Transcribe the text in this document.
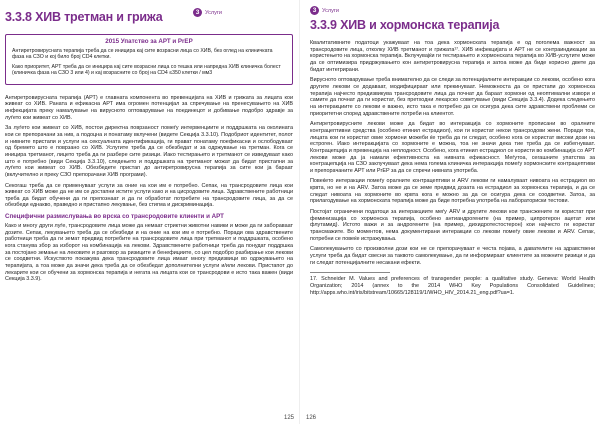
3.3.8 ХИВ третман и грижа	3	Услуги
2015 Упатство за АРТ и PrEP

Антиретровирусната терапија треба да се иницира кај сите возрасни лица со ХИВ, без оглед на клиничката фаза на СЗО и кој било број CD4 клетки.

Како приоритет, АРТ треба да се иницира кај сите возрасни лица со тешка или напредна ХИВ клиничка болест (клиничка фаза на СЗО 3 или 4) и кај возрасните со број на CD4 ≤350 клетки / мм3

Антиретровирусната терапија (АРТ) е главната компонента во превенцијата на ХИВ и грижата за лицата кои живеат со ХИВ. Раната и ефикасна АРТ има огромен потенцијал за спречување на пренесувањето на ХИВ инфекцијата преку намалување на вирусното оптоварување на поединецот и добивање подобро здравје за луѓето кои живеат со ХИВ.

За луѓето кои живеат со ХИВ, постои директна поврзаност помеѓу интервенциите и поддршката на околината кои се препорачани за нив, а подоцна и понатаму вклучени (видете Секција 3.3.10). Подобриот идентитет, полот и нивните пристапи и услуги на сексуалната идентификација, ги прават понатаму поефикасни и ослободуваат од бремето што е поврзано со ХИВ. Услугите треба да се обезбедат и за одржување на третман. Кога се иницира третманот, лицето треба да ги разбере сите ризици. Иако тестирањето и третманот се изведуваат како што е потребно (види Секција 3.3.10), следењето и поддршката на третманот можат да бидат пристапни за луѓето кои живеат со ХИВ. Обезбедете пристап до антиретровирусна терапија за сите кои ја бараат (вклучително и преку СЗО препорачани ХИВ програми).

Секогаш треба да се применуваат услуги за оние на кои им е потребно. Сепак, на трансродовите лица кои живеат со ХИВ може да не им се достапни истите услуги како и на цисродовите лица. Здравствените работници треба да бидат обучени да ги препознаат и да ги обработат потребите на трансродовите лица, за да се обезбеди еднакво, праведно и пристапно лекување, без стигма и дискриминација.

Специфични размислувања во врска со трансродовите клиенти и АРТ

Како и многу други луѓе, трансродовите лица може да немаат стриктни животни навики и може да ги забораваат дозите. Сепак, лекувањето треба да се обезбеди и на оние на кои им е потребно. Поради ова здравствените работници треба да ги земат предвид потребите на трансродовите лица при третманот и поддршката, особено кога станува збор за изборот на комбинација на лекови. Здравствените работници треба да понудат поддршка за постојано земање на лековите и разговор за ризиците и бенефициите, со цел подобро разбирање кои лекови се соодветни. Искуството покажува дека трансродовите лица имаат многу предизвици во одржувањето на терапијата, а тоа може да значи дека треба да се обезбедат дополнителни услуги и/или лекови. Пристапот до лекарите кои се обучени за хормонска терапија и негата на лицата кои се трансродови е исто така важен (види Секција 3.3.9).

125
3	Услуги
3.3.9 ХИВ и хормонска терапија

Квалитативните податоци укажуваат на тоа дека хормонската терапија е од поголема важност за трансродовите лица, отколку ХИВ третманот и грижата¹⁷. ХИВ инфекцијата и АРТ не се контраиндикации за користењето на хормонска терапија. Вклучувајќи ги тестирањето и хормонската терапија во ХИВ-услугите може да се оптимизира придржувањето кон антиретровирусна терапија и затоа може да биде корисно двете да бидат интегрирани.

Вирусното оптоварување треба внимателно да се следи за потенцијалните интеракции со лекови, особено кога другите лекови се додаваат, модифицираат или прекинуваат. Неможноста да се пристапи до хормонска терапија најчесто предизвикува трансродовите лица да почнат да бараат хормони од неоптимални извори и самите да почнат да ги користат, без претходни лекарско советување (види Секција 3.3.4). Додека следењето на интеракциите со лекови е важно, исто така е потребно да се осигура дека сите здравствени проблеми се приоритетни според здравствените потреби на клиентот.

Антиретровирусните лекови може да бидат во интеракција со хормоните прописани во оралните контрацептивни средства (особено етинил естрадиол), кои ги користат некои трансродови жени. Поради тоа, лицата кои ги користат овие хормони можеби ќе треба да ги следат, особено кога се користат високи дози на естроген. Иако интеракцијата со хормоните е можна, тоа не значи дека тие треба да се избегнуваат. Контрацепција и превенција на неплодност. Особено, кога етинил естрадиол се користи во комбинација со АРТ лекови може да ја намали ефективноста на нивната ефикасност. Меѓутоа, сегашните упатства за контрацепција на СЗО заклучуваат дека нема голема клиничка интеракција помеѓу хормонските контрацептиви и препорачаните АРТ или PrEP за да се спречи нивната употреба.

Повеќето интеракции помеѓу оралните контрацептиви и ARV лекови ги намалуваат нивоата на естрадиол во крвта, но не и на ARV. Затоа може да се земе предвид дозата на естрадиол за хормонска терапија, и да се следат нивоата на хормоните во крвта кога е можно за да се осигура дека се соодветни. Затоа, за прилагодување на хормонската терапија може да биде потребна употреба на лабораториски тестови.

Постојат ограничени податоци за интеракциите меѓу ARV и другите лекови кои трансжените ги користат при феминизација со хормонска терапија, особено антиандрогените (на пример, ципротерон ацетат или флутамид). Истото важи и за андрогените (на пример, дихидротестостерон) кои најчесто ги користат трансмажите. Во моментов, нема документирани интеракции со лекови помеѓу овие лекови и ARV. Сепак, потребни се повеќе истражувања.

Самолекувањето со произволни дози кои не се препорачуваат е честа појава, а давателите на здравствени услуги треба да бидат свесни за таквото самолекување, да ги информираат клиентите за можните ризици и да ги следат потенцијалните несакани ефекти.

17. Schneider M. Values and preferences of transgender people: a qualitative study. Geneva: World Health Organization; 2014 (annex to the 2014 WHO Key Populations Consolidated Guidelines; http://apps.who.int/iris/bitstream/10665/128119/1/WHO_HIV_2014.21_eng.pdf?ua=1.

126
